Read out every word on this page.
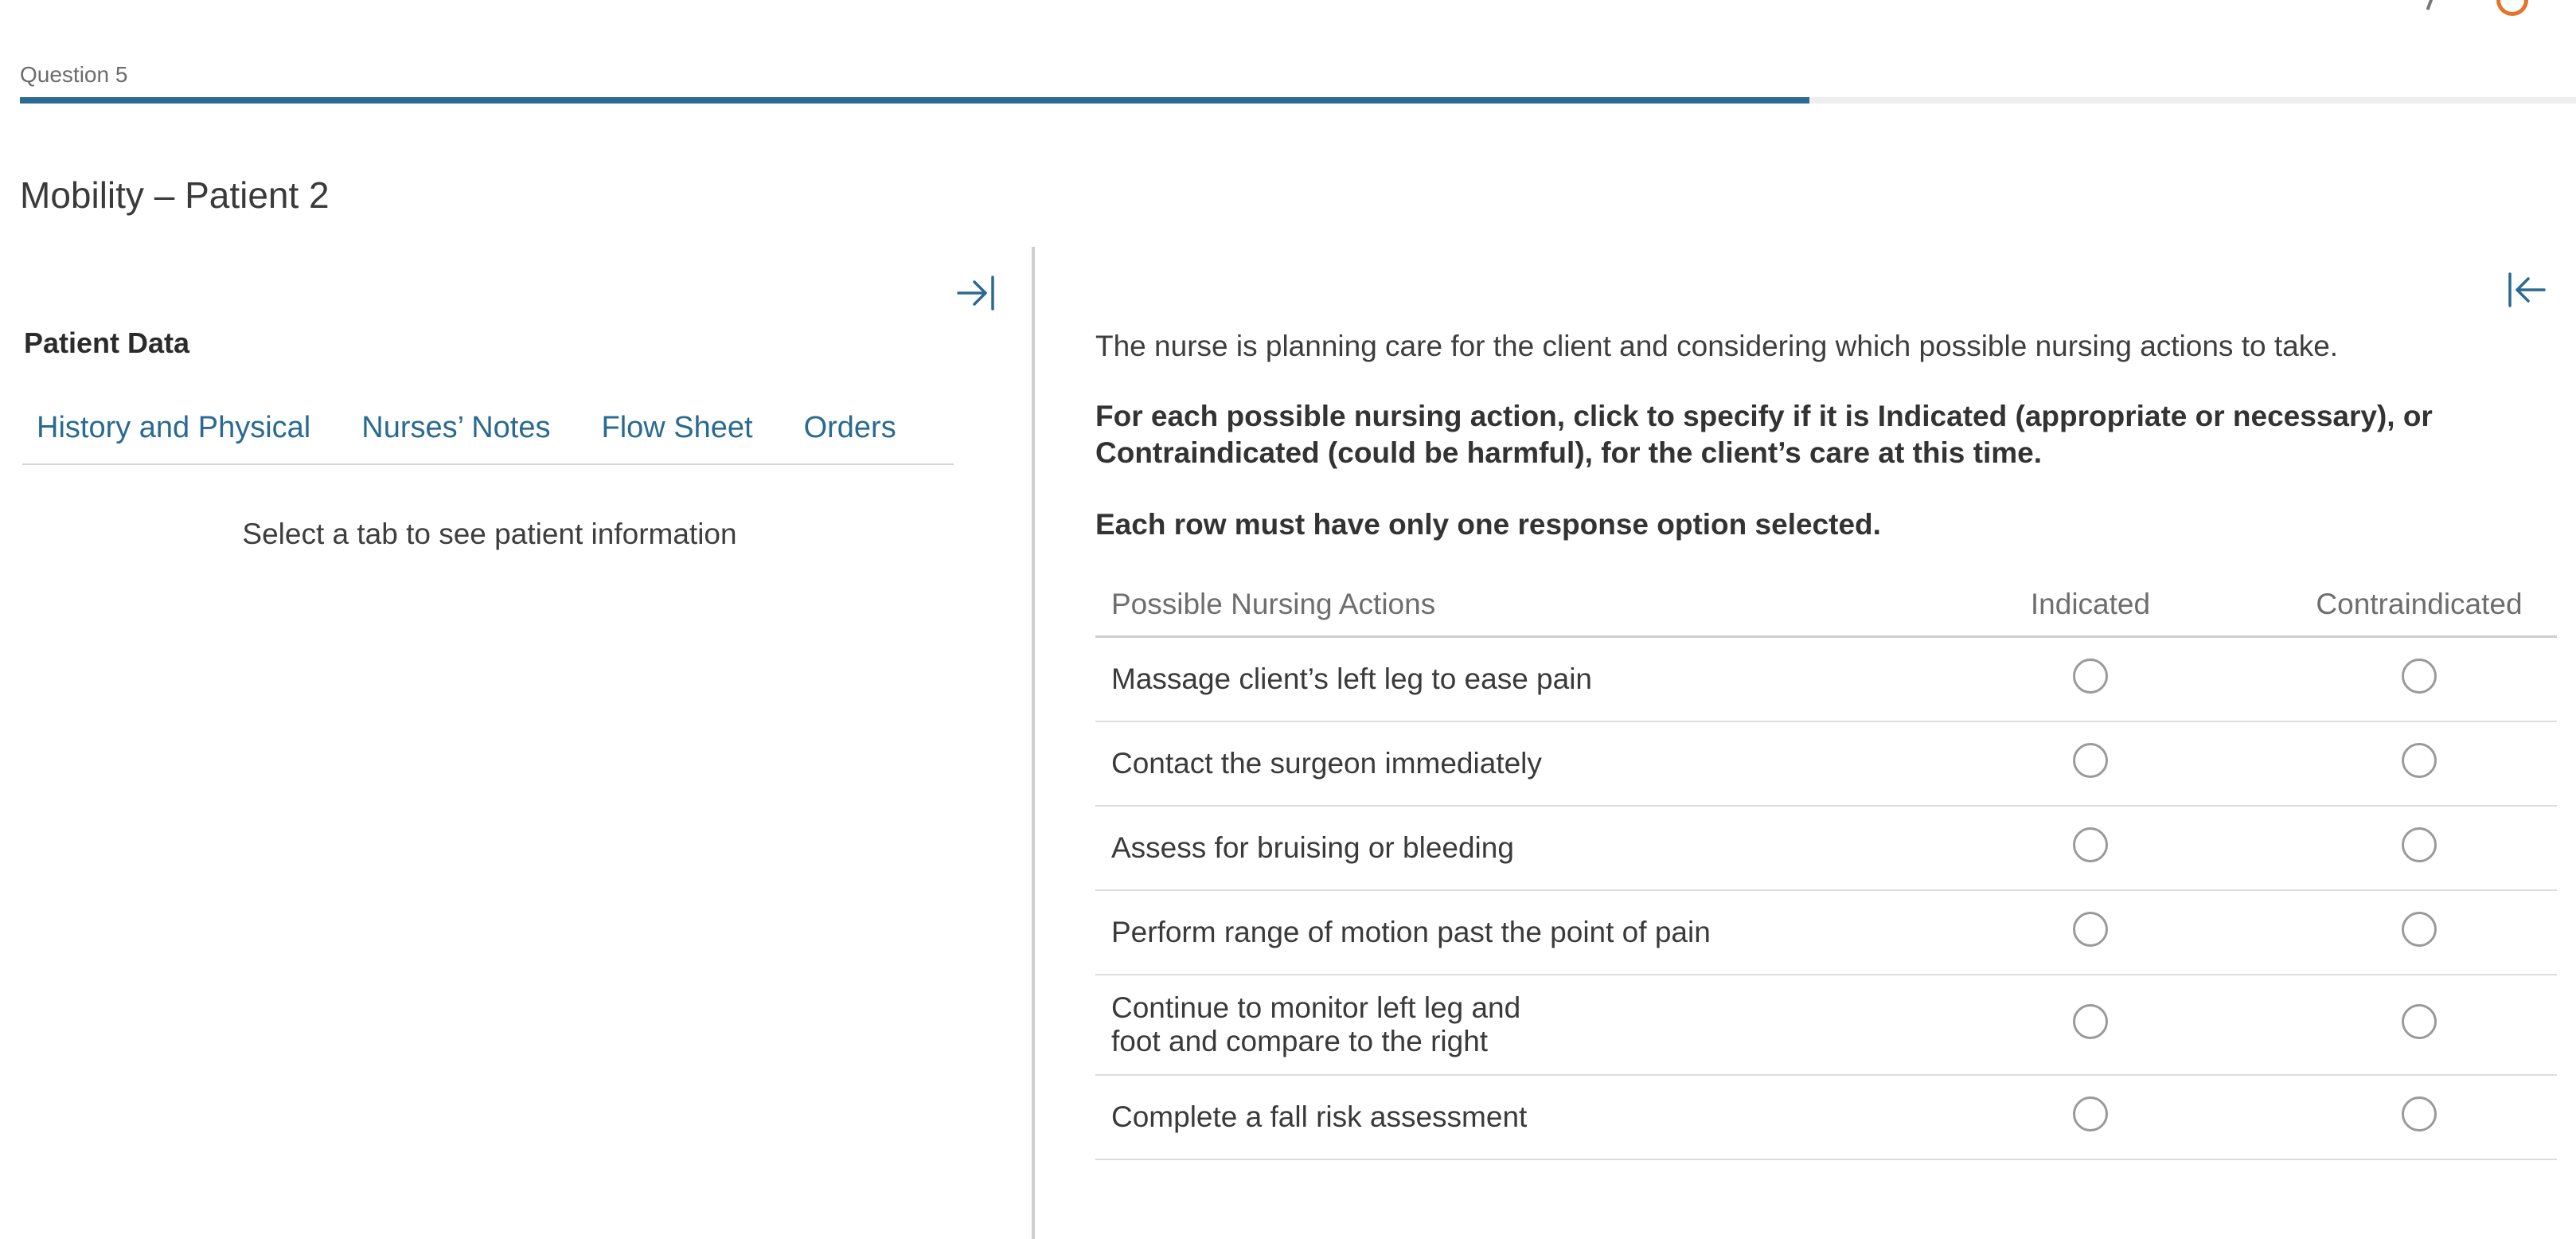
Question 5
Mobility – Patient 2
Patient Data
History and Physical	Nurses’ Notes	Flow Sheet	Orders
Select a tab to see patient information
The nurse is planning care for the client and considering which possible nursing actions to take.
For each possible nursing action, click to specify if it is Indicated (appropriate or necessary), or Contraindicated (could be harmful), for the client’s care at this time.
Each row must have only one response option selected.
Possible Nursing Actions	Indicated	Contraindicated
Massage client’s left leg to ease pain
Contact the surgeon immediately
Assess for bruising or bleeding
Perform range of motion past the point of pain
Continue to monitor left leg and foot and compare to the right
Complete a fall risk assessment
